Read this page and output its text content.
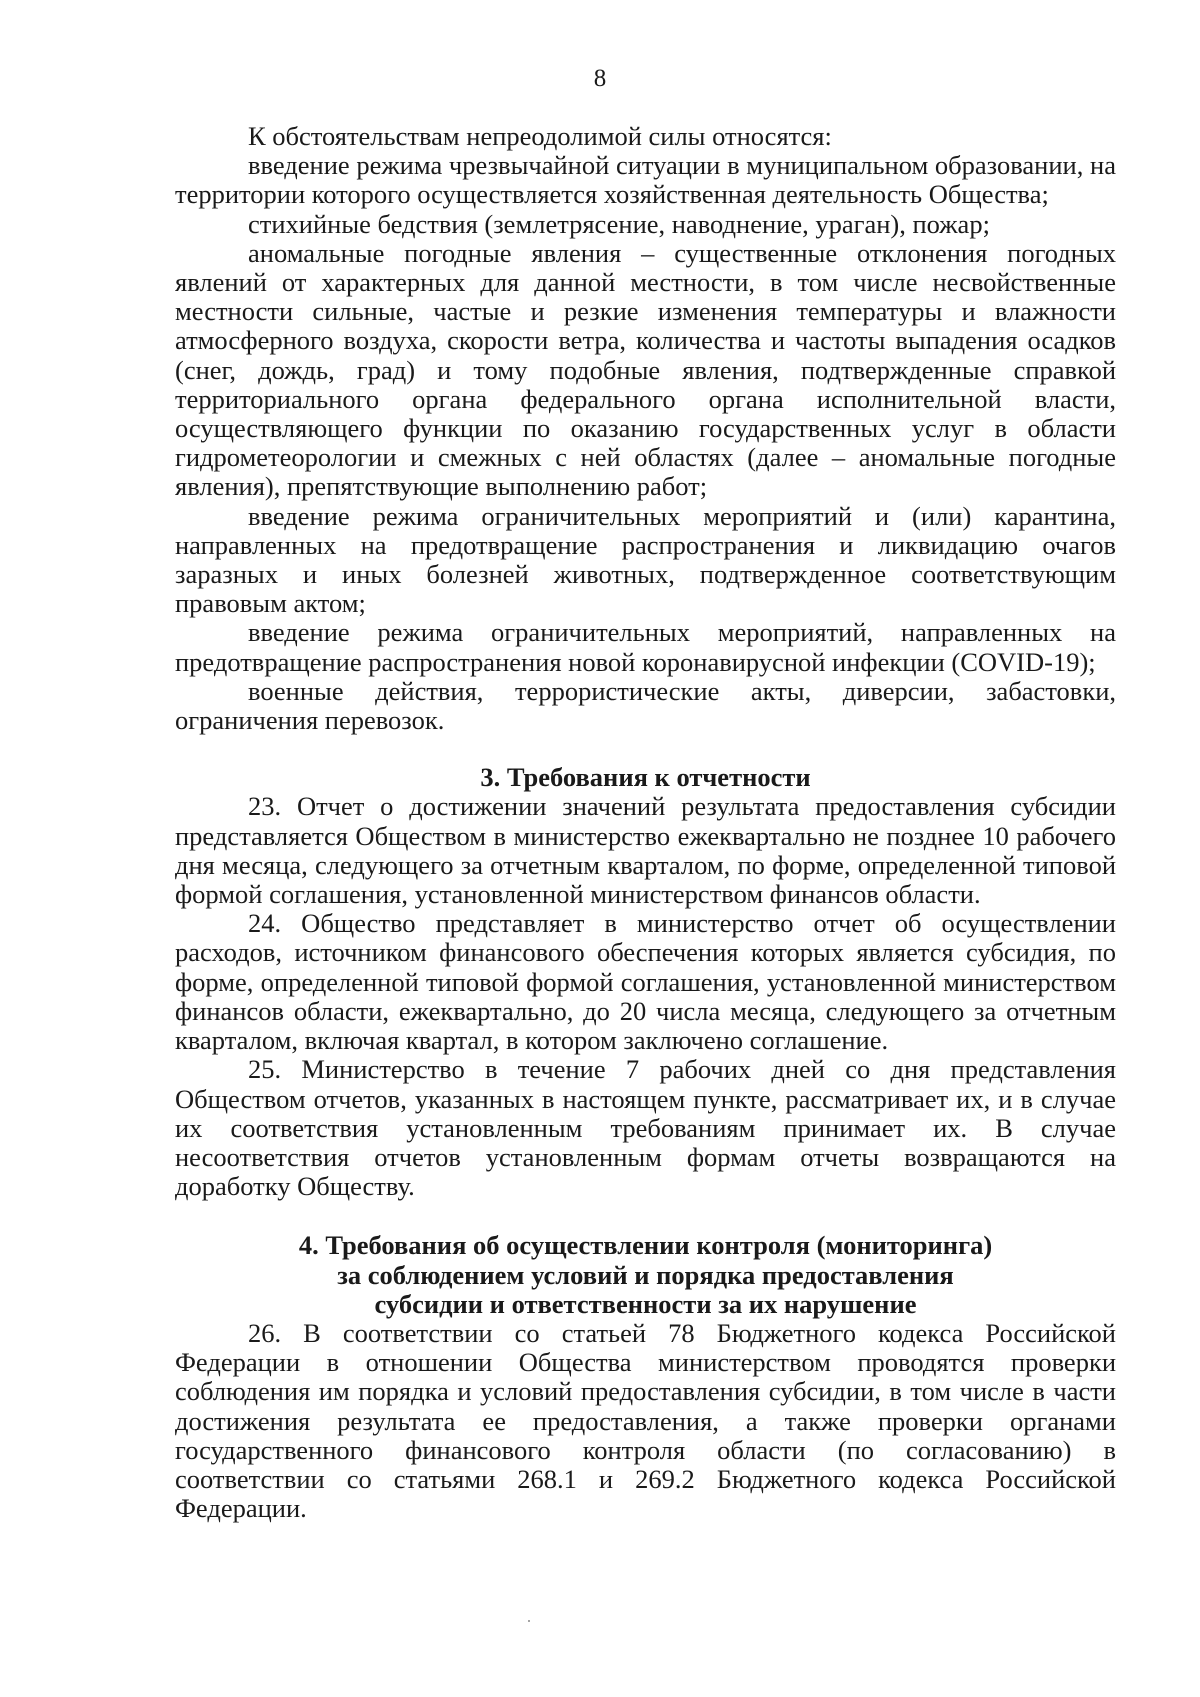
8

К обстоятельствам непреодолимой силы относятся:

введение режима чрезвычайной ситуации в муниципальном образовании, на территории которого осуществляется хозяйственная деятельность Общества;

стихийные бедствия (землетрясение, наводнение, ураган), пожар;

аномальные погодные явления – существенные отклонения погодных явлений от характерных для данной местности, в том числе несвойственные местности сильные, частые и резкие изменения температуры и влажности атмосферного воздуха, скорости ветра, количества и частоты выпадения осадков (снег, дождь, град) и тому подобные явления, подтвержденные справкой территориального органа федерального органа исполнительной власти, осуществляющего функции по оказанию государственных услуг в области гидрометеорологии и смежных с ней областях (далее – аномальные погодные явления), препятствующие выполнению работ;

введение режима ограничительных мероприятий и (или) карантина, направленных на предотвращение распространения и ликвидацию очагов заразных и иных болезней животных, подтвержденное соответствующим правовым актом;

введение режима ограничительных мероприятий, направленных на предотвращение распространения новой коронавирусной инфекции (COVID-19);

военные действия, террористические акты, диверсии, забастовки, ограничения перевозок.

3. Требования к отчетности

23. Отчет о достижении значений результата предоставления субсидии представляется Обществом в министерство ежеквартально не позднее 10 рабочего дня месяца, следующего за отчетным кварталом, по форме, определенной типовой формой соглашения, установленной министерством финансов области.

24. Общество представляет в министерство отчет об осуществлении расходов, источником финансового обеспечения которых является субсидия, по форме, определенной типовой формой соглашения, установленной министерством финансов области, ежеквартально, до 20 числа месяца, следующего за отчетным кварталом, включая квартал, в котором заключено соглашение.

25. Министерство в течение 7 рабочих дней со дня представления Обществом отчетов, указанных в настоящем пункте, рассматривает их, и в случае их соответствия установленным требованиям принимает их. В случае несоответствия отчетов установленным формам отчеты возвращаются на доработку Обществу.

4. Требования об осуществлении контроля (мониторинга)
за соблюдением условий и порядка предоставления
субсидии и ответственности за их нарушение

26. В соответствии со статьей 78 Бюджетного кодекса Российской Федерации в отношении Общества министерством проводятся проверки соблюдения им порядка и условий предоставления субсидии, в том числе в части достижения результата ее предоставления, а также проверки органами государственного финансового контроля области (по согласованию) в соответствии со статьями 268.1 и 269.2 Бюджетного кодекса Российской Федерации.
